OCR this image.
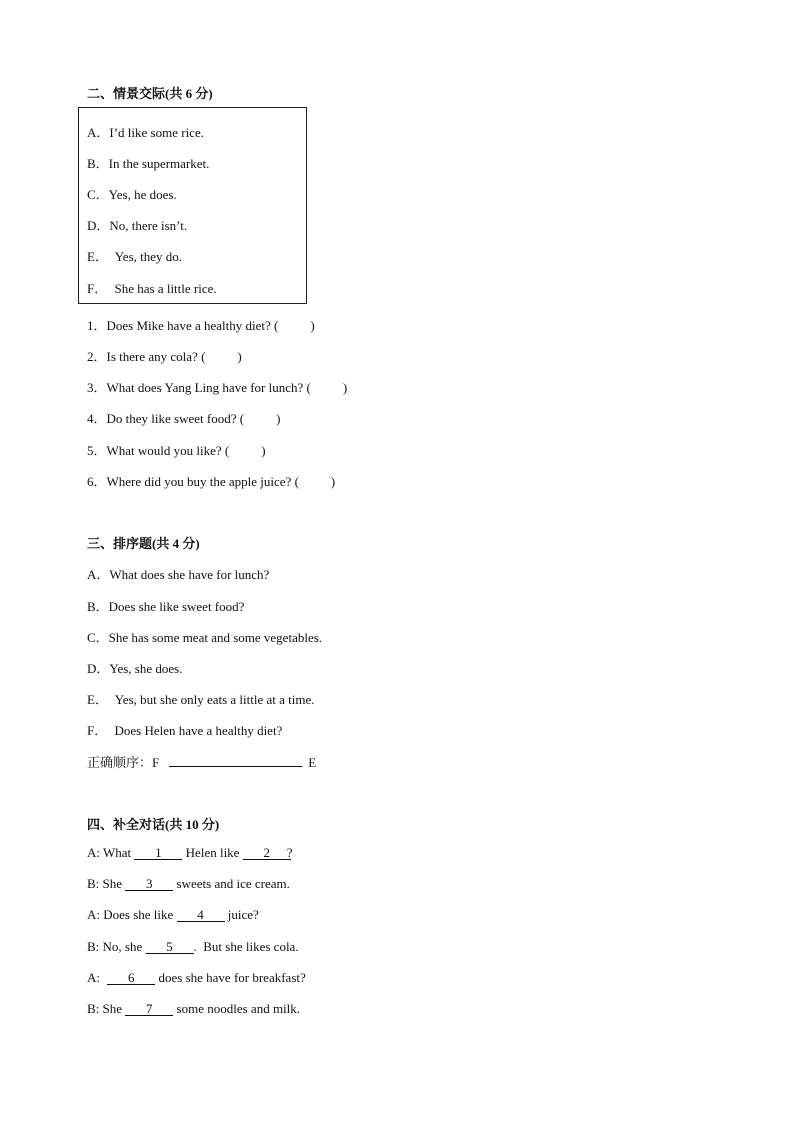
二、情景交际(共 6 分)
A．I’d like some rice.
B．In the supermarket.
C．Yes, he does.
D．No, there isn’t.
E． Yes, they do.
F． She has a little rice.
1．Does Mike have a healthy diet? ( )
2．Is there any cola? ( )
3．What does Yang Ling have for lunch? ( )
4．Do they like sweet food? ( )
5．What would you like? ( )
6．Where did you buy the apple juice? ( )
三、排序题(共 4 分)
A．What does she have for lunch?
B．Does she like sweet food?
C．She has some meat and some vegetables.
D．Yes, she does.
E． Yes, but she only eats a little at a time.
F． Does Helen have a healthy diet?
正确顺序：F	E
四、补全对话(共 10 分)
A: What 1 Helen like 2 ?
B: She 3 sweets and ice cream.
A: Does she like 4 juice?
B: No, she 5 .  But she likes cola.
A: 6 does she have for breakfast?
B: She 7 some noodles and milk.
